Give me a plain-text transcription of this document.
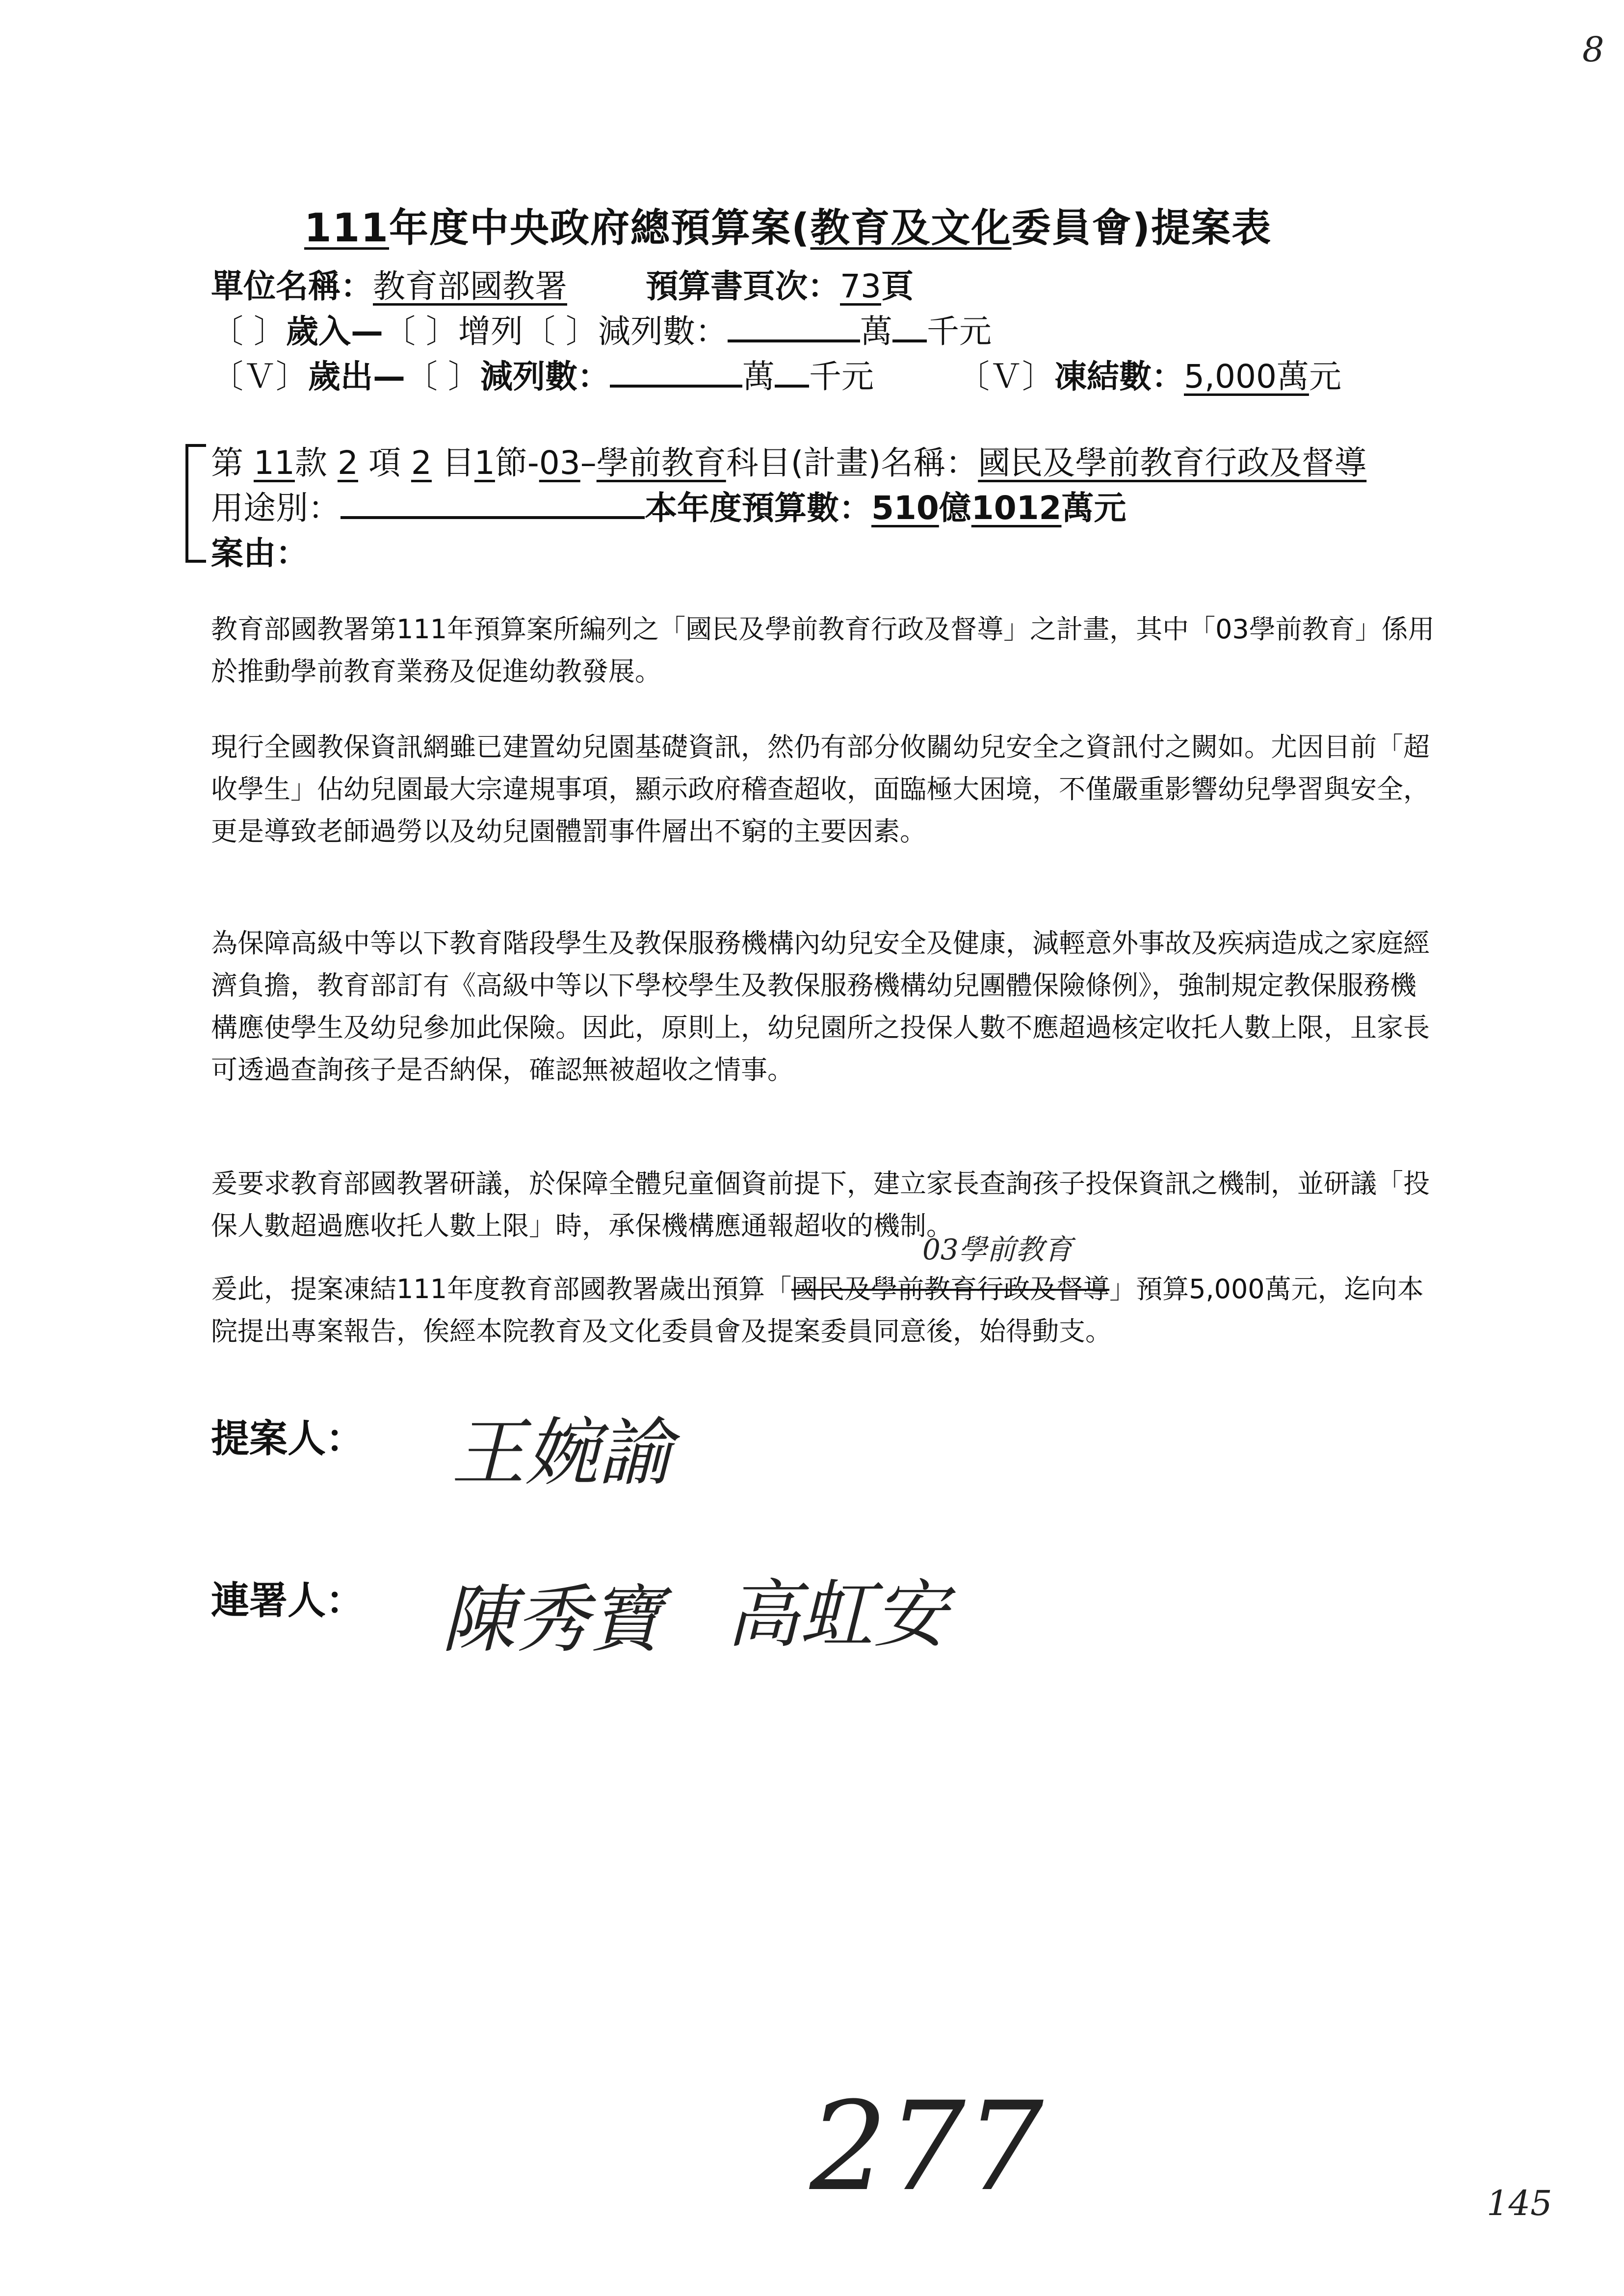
8
111年度中央政府總預算案(教育及文化委員會)提案表
單位名稱：教育部國教署 預算書頁次：73頁
〔 〕歲入—〔 〕增列〔 〕減列數：	萬 千元
〔Ｖ〕歲出—〔 〕減列數：	萬 千元	〔Ｖ〕凍結數：5,000萬元
第 11款 2 項 2 目1節-03–學前教育科目(計畫)名稱：國民及學前教育行政及督導
用途別：	本年度預算數：510億1012萬元
案由：
教育部國教署第111年預算案所編列之「國民及學前教育行政及督導」之計畫，其中「03學前教育」係用於推動學前教育業務及促進幼教發展。
現行全國教保資訊網雖已建置幼兒園基礎資訊，然仍有部分攸關幼兒安全之資訊付之闕如。尤因目前「超收學生」佔幼兒園最大宗違規事項，顯示政府稽查超收，面臨極大困境，不僅嚴重影響幼兒學習與安全，更是導致老師過勞以及幼兒園體罰事件層出不窮的主要因素。
為保障高級中等以下教育階段學生及教保服務機構內幼兒安全及健康，減輕意外事故及疾病造成之家庭經濟負擔，教育部訂有《高級中等以下學校學生及教保服務機構幼兒團體保險條例》，強制規定教保服務機構應使學生及幼兒參加此保險。因此，原則上，幼兒園所之投保人數不應超過核定收托人數上限，且家長可透過查詢孩子是否納保，確認無被超收之情事。
爰要求教育部國教署研議，於保障全體兒童個資前提下，建立家長查詢孩子投保資訊之機制，並研議「投保人數超過應收托人數上限」時，承保機構應通報超收的機制。
03學前教育
爰此，提案凍結111年度教育部國教署歲出預算「國民及學前教育行政及督導」預算5,000萬元，迄向本院提出專案報告，俟經本院教育及文化委員會及提案委員同意後，始得動支。
提案人： 王婉諭
連署人： 陳秀寶 高虹安
277	145
